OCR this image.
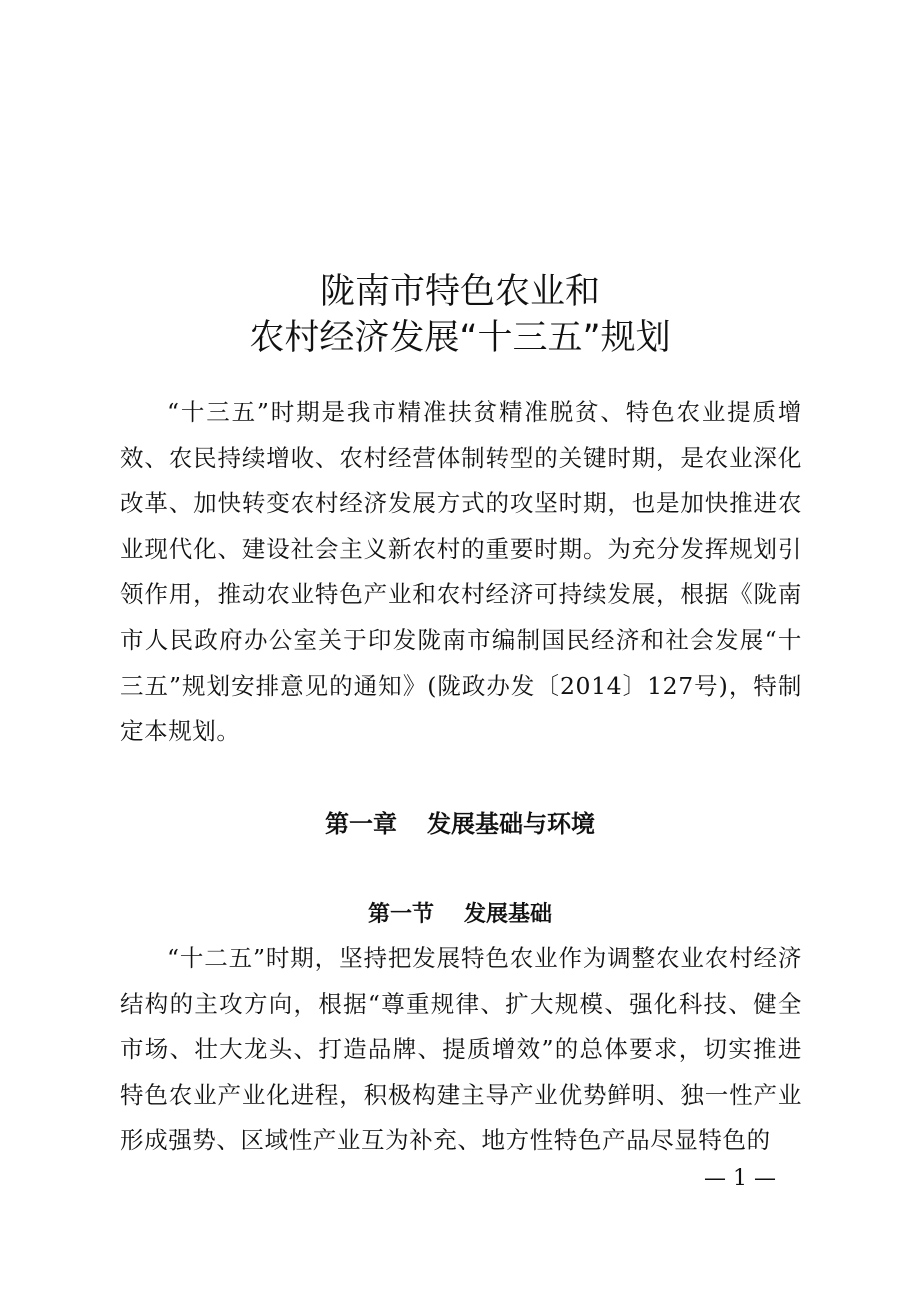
陇南市特色农业和
农村经济发展“十三五”规划

“十三五”时期是我市精准扶贫精准脱贫、特色农业提质增效、农民持续增收、农村经营体制转型的关键时期，是农业深化改革、加快转变农村经济发展方式的攻坚时期，也是加快推进农业现代化、建设社会主义新农村的重要时期。为充分发挥规划引领作用，推动农业特色产业和农村经济可持续发展，根据《陇南市人民政府办公室关于印发陇南市编制国民经济和社会发展“十三五”规划安排意见的通知》(陇政办发〔2014〕127号)，特制定本规划。

第一章 发展基础与环境
第一节 发展基础

“十二五”时期，坚持把发展特色农业作为调整农业农村经济结构的主攻方向，根据“尊重规律、扩大规模、强化科技、健全市场、壮大龙头、打造品牌、提质增效”的总体要求，切实推进特色农业产业化进程，积极构建主导产业优势鲜明、独一性产业形成强势、区域性产业互为补充、地方性特色产品尽显特色的

— 1 —
